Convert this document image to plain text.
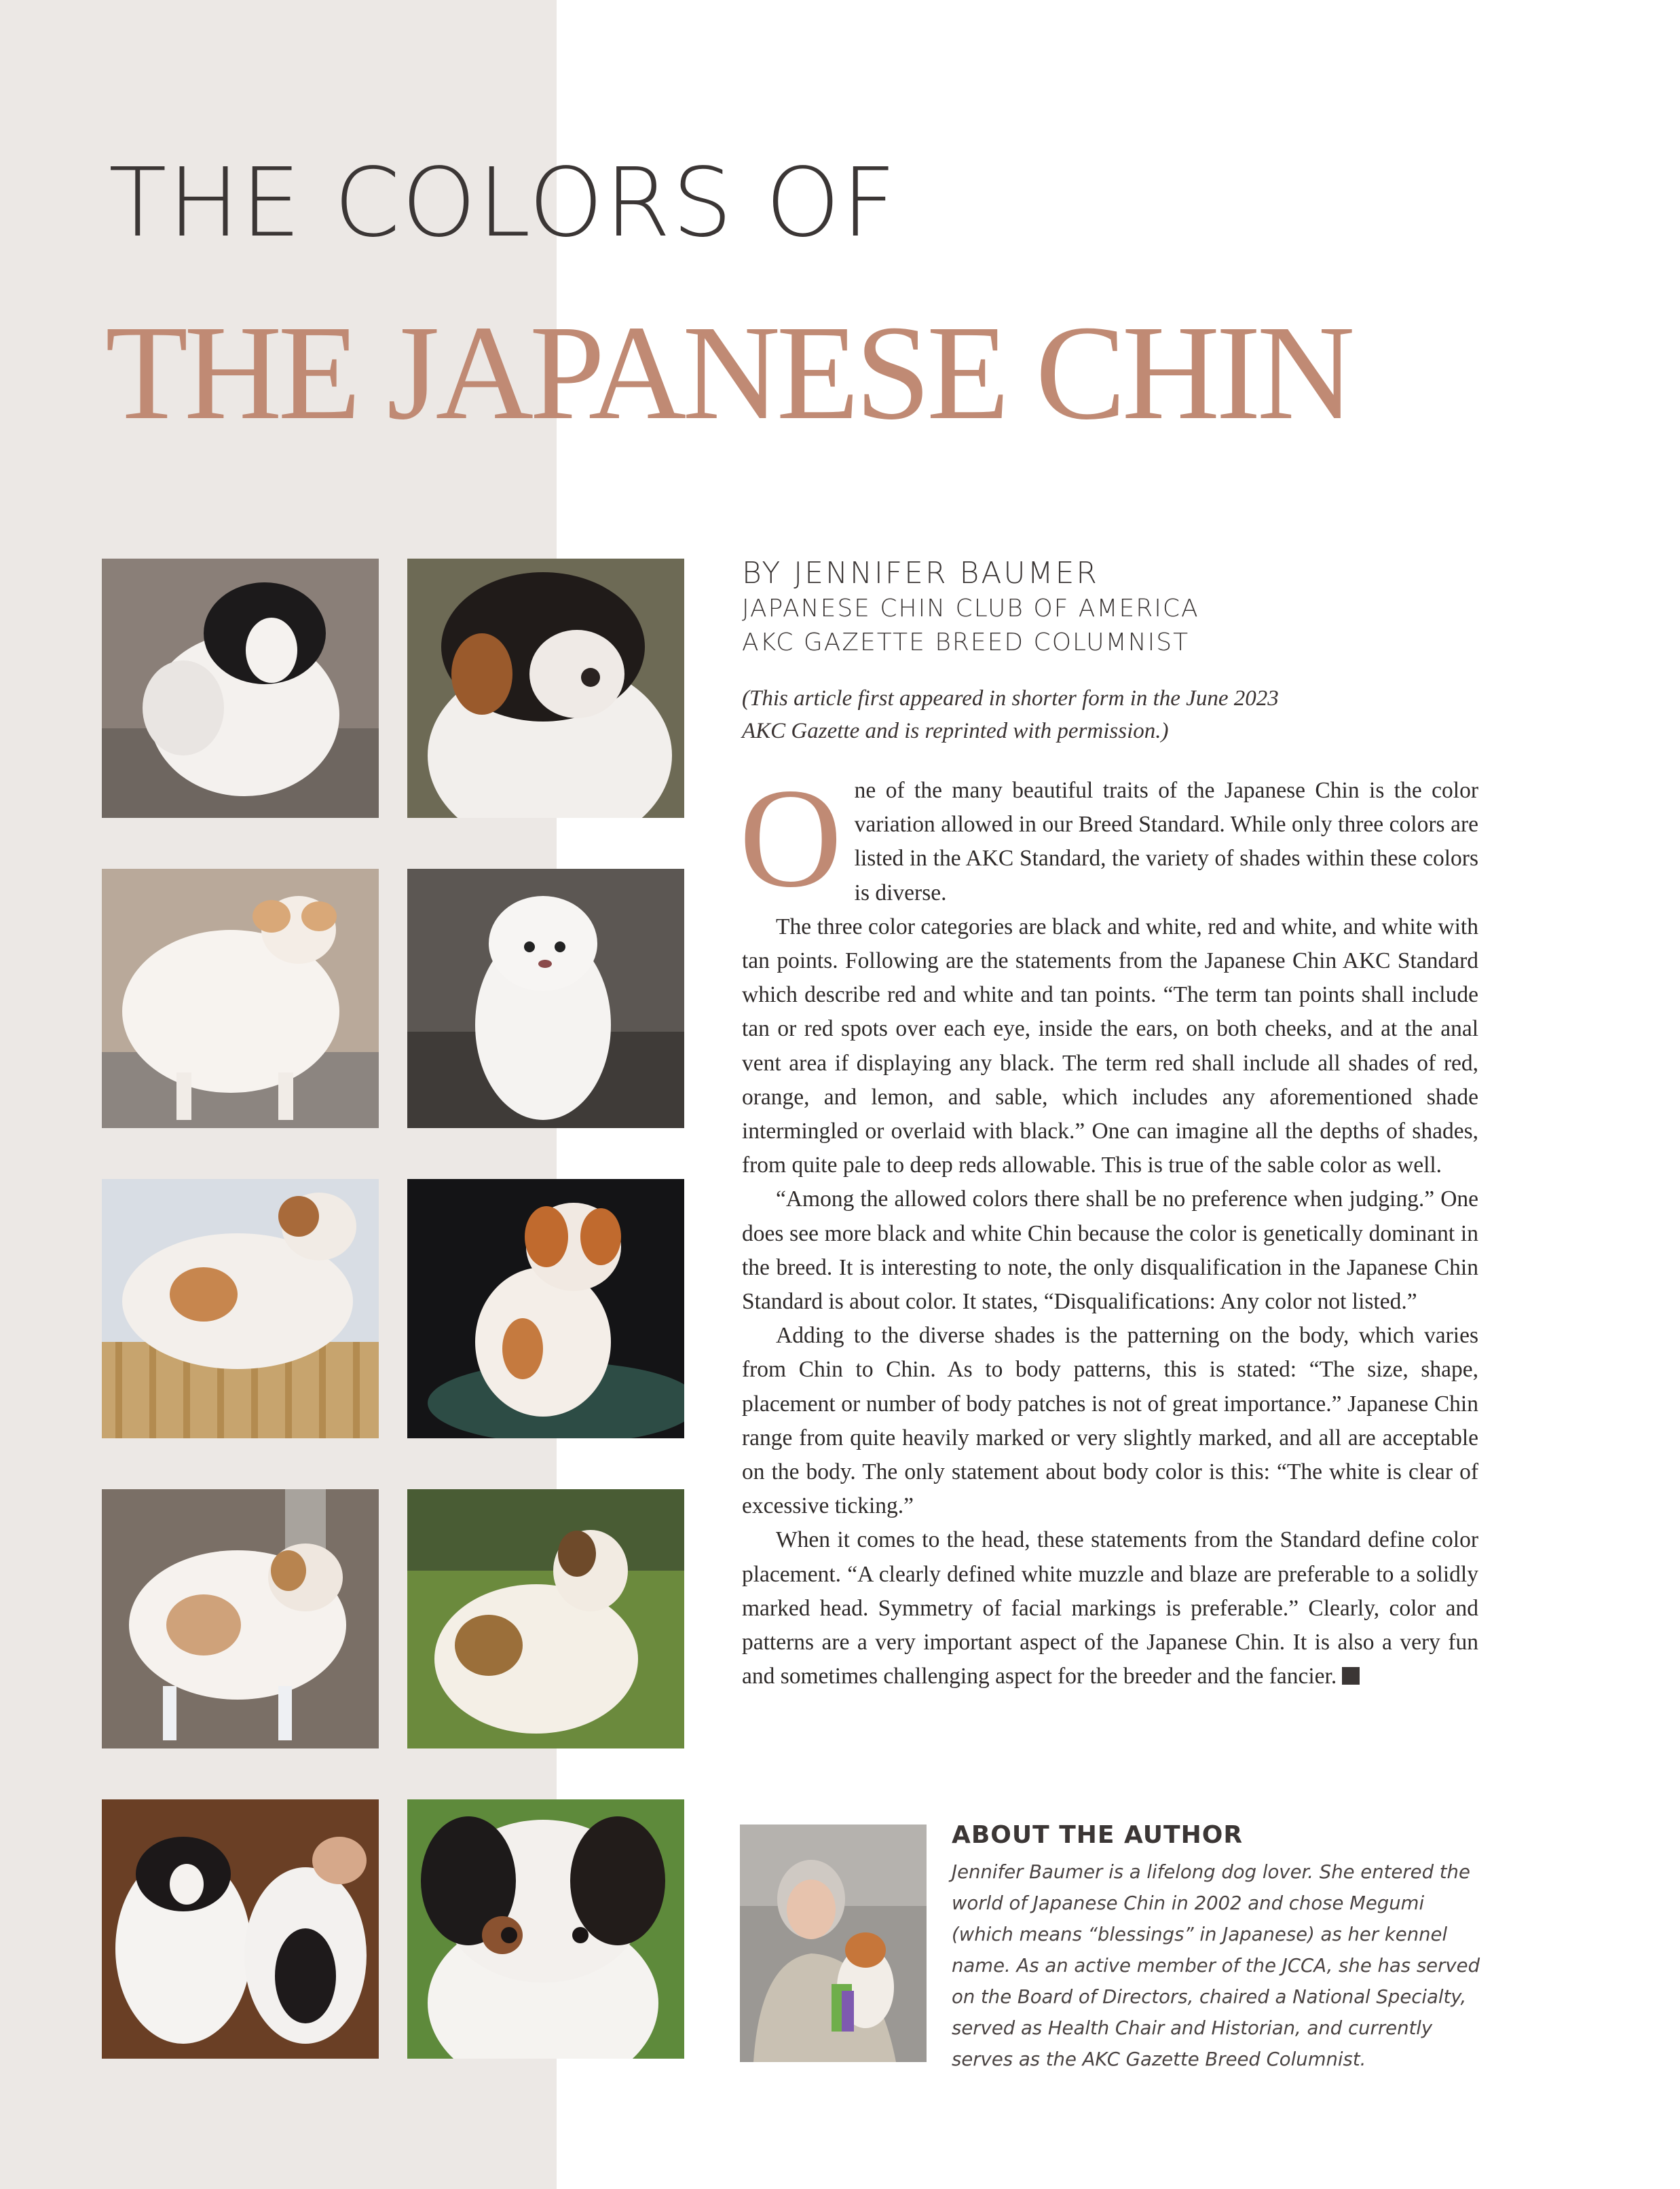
THE COLORS OF
THE JAPANESE CHIN
BY JENNIFER BAUMER
JAPANESE CHIN CLUB OF AMERICA
AKC GAZETTE BREED COLUMNIST
(This article first appeared in shorter form in the June 2023
AKC Gazette and is reprinted with permission.)

One of the many beautiful traits of the Japanese Chin is the color variation allowed in our Breed Standard. While only three colors are listed in the AKC Standard, the variety of shades within these colors is diverse.

The three color categories are black and white, red and white, and white with tan points. Following are the statements from the Japanese Chin AKC Standard which describe red and white and tan points. “The term tan points shall include tan or red spots over each eye, inside the ears, on both cheeks, and at the anal vent area if displaying any black. The term red shall include all shades of red, orange, and lemon, and sable, which includes any aforementioned shade intermingled or overlaid with black.” One can imagine all the depths of shades, from quite pale to deep reds allowable. This is true of the sable color as well.

“Among the allowed colors there shall be no preference when judging.” One does see more black and white Chin because the color is genetically dominant in the breed. It is interesting to note, the only disqualification in the Japanese Chin Standard is about color. It states, “Disqualifications: Any color not listed.”

Adding to the diverse shades is the patterning on the body, which varies from Chin to Chin. As to body patterns, this is stated: “The size, shape, placement or number of body patches is not of great importance.” Japanese Chin range from quite heavily marked or very slightly marked, and all are acceptable on the body. The only statement about body color is this: “The white is clear of excessive ticking.”

When it comes to the head, these statements from the Standard define color placement. “A clearly defined white muzzle and blaze are preferable to a solidly marked head. Symmetry of facial markings is preferable.” Clearly, color and patterns are a very important aspect of the Japanese Chin. It is also a very fun and sometimes challenging aspect for the breeder and the fancier.

ABOUT THE AUTHOR
Jennifer Baumer is a lifelong dog lover. She entered the world of Japanese Chin in 2002 and chose Megumi (which means “blessings” in Japanese) as her kennel name. As an active member of the JCCA, she has served on the Board of Directors, chaired a National Specialty, served as Health Chair and Historian, and currently serves as the AKC Gazette Breed Columnist.
